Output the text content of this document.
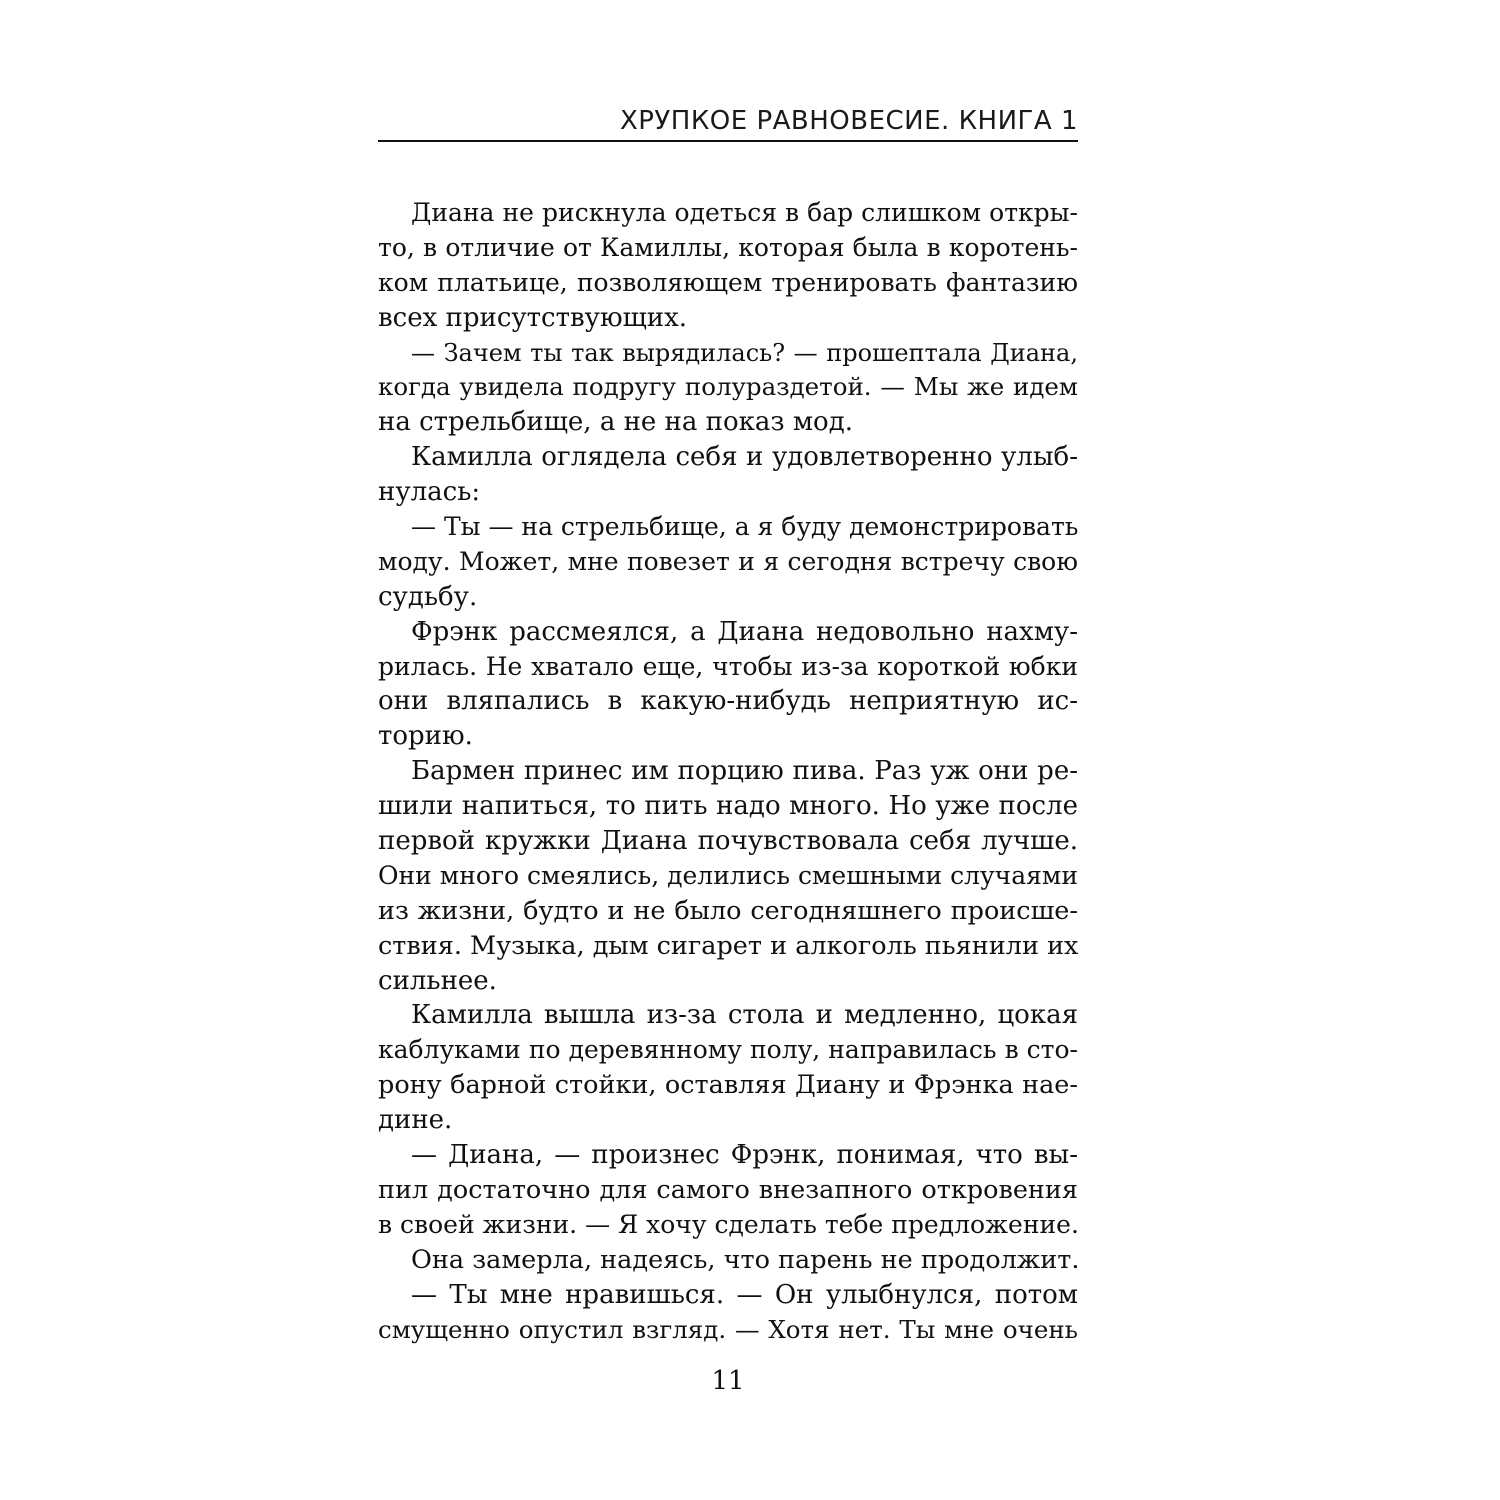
ХРУПКОЕ РАВНОВЕСИЕ. КНИГА 1
Диана не рискнула одеться в бар слишком откры-
то, в отличие от Камиллы, которая была в коротень-
ком платьице, позволяющем тренировать фантазию
всех присутствующих.
— Зачем ты так вырядилась? — прошептала Диана,
когда увидела подругу полураздетой. — Мы же идем
на стрельбище, а не на показ мод.
Камилла оглядела себя и удовлетворенно улыб-
нулась:
— Ты — на стрельбище, а я буду демонстрировать
моду. Может, мне повезет и я сегодня встречу свою
судьбу.
Фрэнк рассмеялся, а Диана недовольно нахму-
рилась. Не хватало еще, чтобы из-за короткой юбки
они вляпались в какую-нибудь неприятную ис-
торию.
Бармен принес им порцию пива. Раз уж они ре-
шили напиться, то пить надо много. Но уже после
первой кружки Диана почувствовала себя лучше.
Они много смеялись, делились смешными случаями
из жизни, будто и не было сегодняшнего происше-
ствия. Музыка, дым сигарет и алкоголь пьянили их
сильнее.
Камилла вышла из-за стола и медленно, цокая
каблуками по деревянному полу, направилась в сто-
рону барной стойки, оставляя Диану и Фрэнка нае-
дине.
— Диана, — произнес Фрэнк, понимая, что вы-
пил достаточно для самого внезапного откровения
в своей жизни. — Я хочу сделать тебе предложение.
Она замерла, надеясь, что парень не продолжит.
— Ты мне нравишься. — Он улыбнулся, потом
смущенно опустил взгляд. — Хотя нет. Ты мне очень
11
